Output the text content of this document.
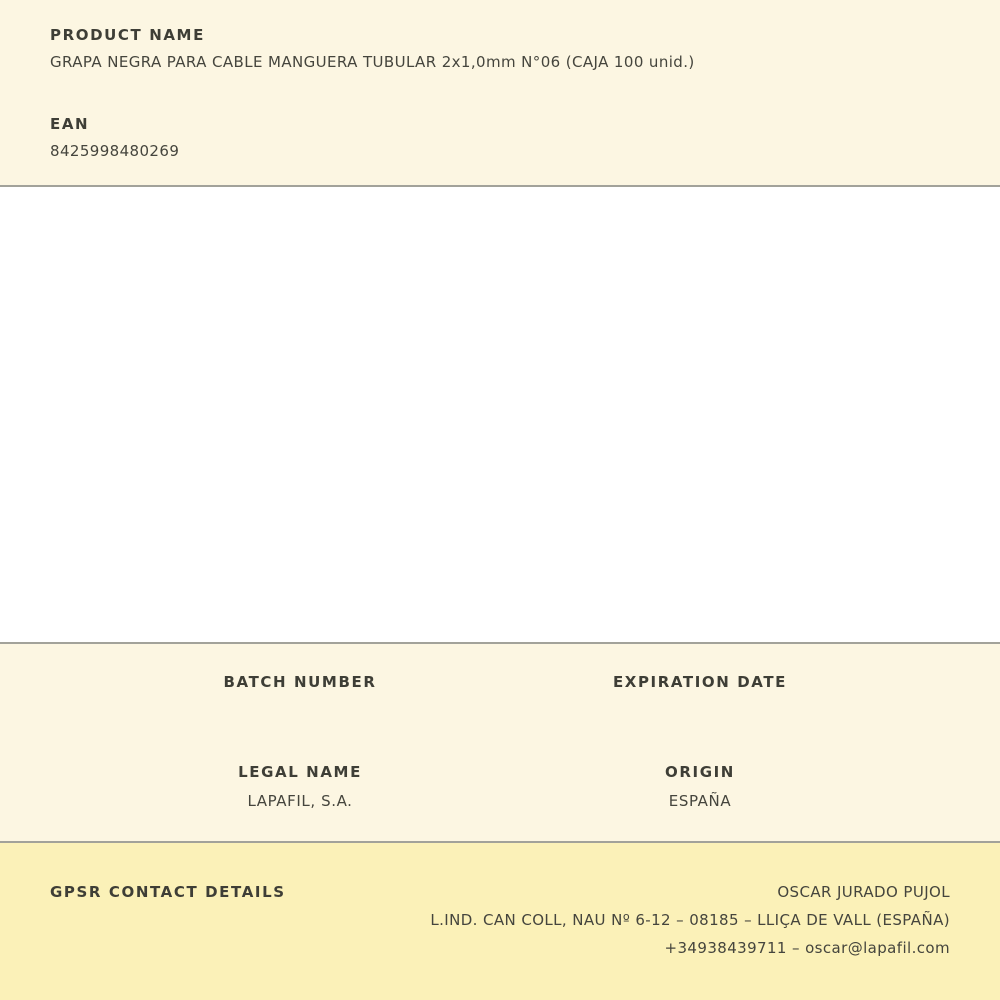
PRODUCT NAME
GRAPA NEGRA PARA CABLE MANGUERA TUBULAR 2x1,0mm N°06 (CAJA 100 unid.)
EAN
8425998480269
BATCH NUMBER	EXPIRATION DATE
LEGAL NAME
LAPAFIL, S.A.
ORIGIN
ESPAÑA
GPSR CONTACT DETAILS	OSCAR JURADO PUJOL
L.IND. CAN COLL, NAU Nº 6-12 – 08185 – LLIÇA DE VALL (ESPAÑA)
+34938439711 – oscar@lapafil.com
